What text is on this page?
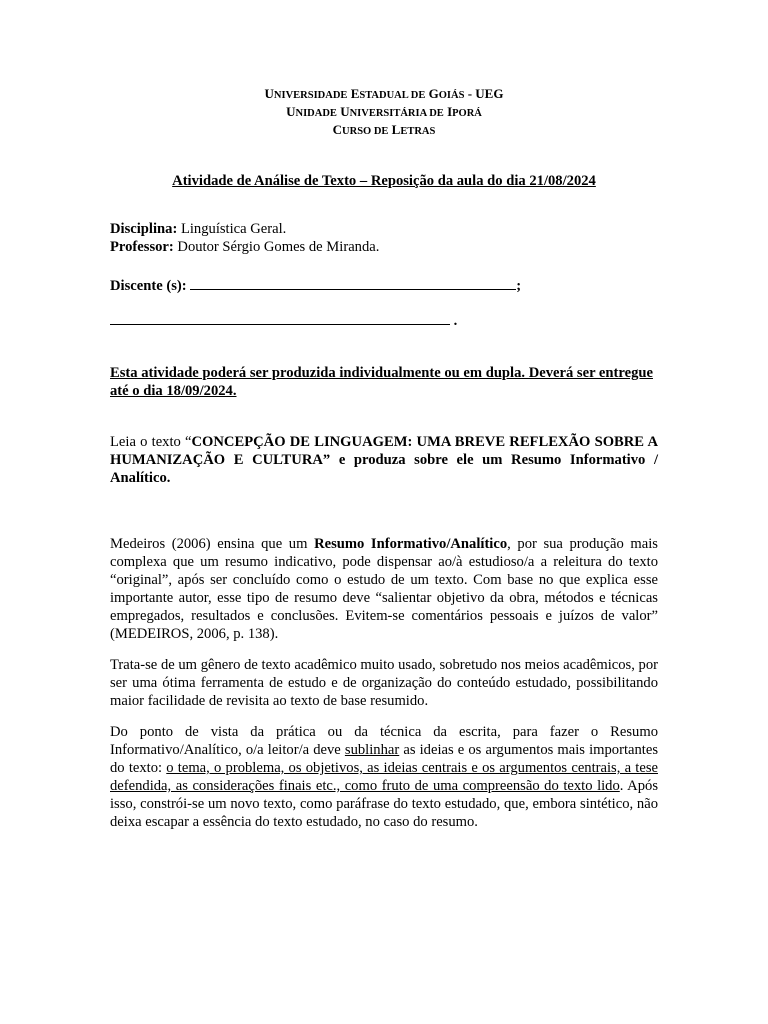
UNIVERSIDADE ESTADUAL DE GOIÁS - UEG
UNIDADE UNIVERSITÁRIA DE IPORÁ
CURSO DE LETRAS
Atividade de Análise de Texto – Reposição da aula do dia 21/08/2024
Disciplina: Linguística Geral.
Professor: Doutor Sérgio Gomes de Miranda.
Discente (s):	;
.
Esta atividade poderá ser produzida individualmente ou em dupla. Deverá ser entregue até o dia 18/09/2024.
Leia o texto “CONCEPÇÃO DE LINGUAGEM: UMA BREVE REFLEXÃO SOBRE A HUMANIZAÇÃO E CULTURA” e produza sobre ele um Resumo Informativo / Analítico.

Medeiros (2006) ensina que um Resumo Informativo/Analítico, por sua produção mais complexa que um resumo indicativo, pode dispensar ao/à estudioso/a a releitura do texto “original”, após ser concluído como o estudo de um texto. Com base no que explica esse importante autor, esse tipo de resumo deve “salientar objetivo da obra, métodos e técnicas empregados, resultados e conclusões. Evitem-se comentários pessoais e juízos de valor” (MEDEIROS, 2006, p. 138).

Trata-se de um gênero de texto acadêmico muito usado, sobretudo nos meios acadêmicos, por ser uma ótima ferramenta de estudo e de organização do conteúdo estudado, possibilitando maior facilidade de revisita ao texto de base resumido.

Do ponto de vista da prática ou da técnica da escrita, para fazer o Resumo Informativo/Analítico, o/a leitor/a deve sublinhar as ideias e os argumentos mais importantes do texto: o tema, o problema, os objetivos, as ideias centrais e os argumentos centrais, a tese defendida, as considerações finais etc., como fruto de uma compreensão do texto lido. Após isso, constrói-se um novo texto, como paráfrase do texto estudado, que, embora sintético, não deixa escapar a essência do texto estudado, no caso do resumo.
